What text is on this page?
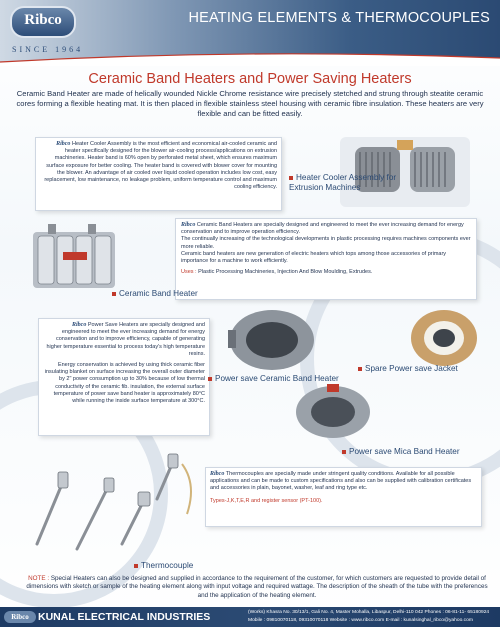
Ribco
SINCE 1964
HEATING ELEMENTS & THERMOCOUPLES
Ceramic Band Heaters and Power Saving Heaters
Ceramic Band Heater are made of helically wounded Nickle Chrome resistance wire precisely stetched and strung through steatite ceramic cores forming a flexible heating mat. It is then placed in flexible stainless steel housing with ceramic fibre insulation. These heaters are very flexible and can be fitted easily.
Ribco Heater Cooler Assembly is the most efficient and economical air-cooled ceramic and heater specifically designed for the blower air-cooling process/applications on extrusion machineries. Heater band is 60% open by perforated metal sheet, which ensures maximum surface exposure for better cooling. The heater band is covered with blower cover for mounting the blower. An advantage of air cooled over liquid cooled operation includes low cost, easy replacement, low maintenance, no leakage problem, uniform temperature control and maximum cooling efficiency.
Heater Cooler Assembly for Extrusion Machines
Ribco Ceramic Band Heaters are specially designed and engineered to meet the ever increasing demand for energy conservation and to improve operation efficiency.
The continually increasing of the technological developments in plastic processing requires machines components ever more reliable.
Ceramic band heaters are new generation of electric heaters which tops among those accessories of primary importance for a machine to work efficiently.
Uses : Plastic Processing Machineries, Injection And Blow Moulding, Extrudes.
Ceramic Band Heater
Ribco Power Save Heaters are specially designed and engineered to meet the ever increasing demand for energy conservation and to improve efficiency, capable of generating higher temperature essential to process today's high temperature resins.
Energy conservation is achieved by using thick ceramic fiber insulating blanket on surface increasing the overall outer diameter by 2" power consumption up to 30% because of low thermal conductivity of the ceramic fib. insulation, the external surface temperature of power save band heater is approximately 80°C while running the inside surface temperature at 300°C.
Power save Ceramic Band Heater
Spare Power save Jacket
Power save Mica Band Heater
Ribco Thermocouples are specially made under stringent quality conditions. Available for all possible applications and can be made to custom specifications and also can be supplied with calibration certificates and accessories in plain, bayonet, washer, leaf and ring type etc.
Types-J,K,T,E,R and register sensor (PT-100).
Thermocouple
NOTE : Special Heaters can also be designed and supplied in accordance to the requirement of the customer, for which customers are requested to provide detail of dimensions with sketch or sample of the heating element along with input voltage and required wattage. The description of the sheath of the tube with the preferences and the application of the heating element.
Ribco KUNAL ELECTRICAL INDUSTRIES	(Works) Khasra No. 30/13/1, Gali No. 4, Master Mohalla, Libaspur, Delhi-110 042 Phones : 06-81-11- 65180924
Mobile : 09810070118, 09310070118 Website : www.ribco.com E-mail : kunalsinghal_ribco@yahoo.com
